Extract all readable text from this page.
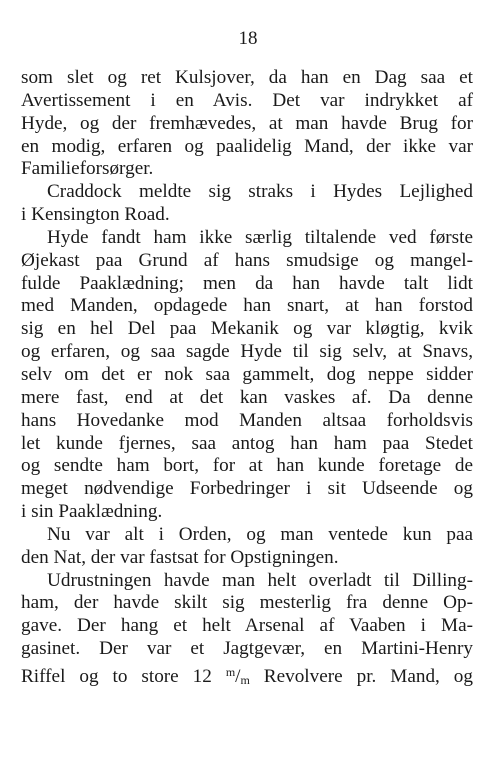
18
som slet og ret Kulsjover, da han en Dag saa et
Avertissement i en Avis. Det var indrykket af
Hyde, og der fremhævedes, at man havde Brug for
en modig, erfaren og paalidelig Mand, der ikke var
Familieforsørger.
Craddock meldte sig straks i Hydes Lejlighed
i Kensington Road.
Hyde fandt ham ikke særlig tiltalende ved første
Øjekast paa Grund af hans smudsige og mangel-
fulde Paaklædning; men da han havde talt lidt
med Manden, opdagede han snart, at han forstod
sig en hel Del paa Mekanik og var kløgtig, kvik
og erfaren, og saa sagde Hyde til sig selv, at Snavs,
selv om det er nok saa gammelt, dog neppe sidder
mere fast, end at det kan vaskes af. Da denne
hans Hovedanke mod Manden altsaa forholdsvis
let kunde fjernes, saa antog han ham paa Stedet
og sendte ham bort, for at han kunde foretage de
meget nødvendige Forbedringer i sit Udseende og
i sin Paaklædning.
Nu var alt i Orden, og man ventede kun paa
den Nat, der var fastsat for Opstigningen.
Udrustningen havde man helt overladt til Dilling-
ham, der havde skilt sig mesterlig fra denne Op-
gave. Der hang et helt Arsenal af Vaaben i Ma-
gasinet. Der var et Jagtgevær, en Martini-Henry
Riffel og to store 12 $^m$/m Revolvere pr. Mand, og
